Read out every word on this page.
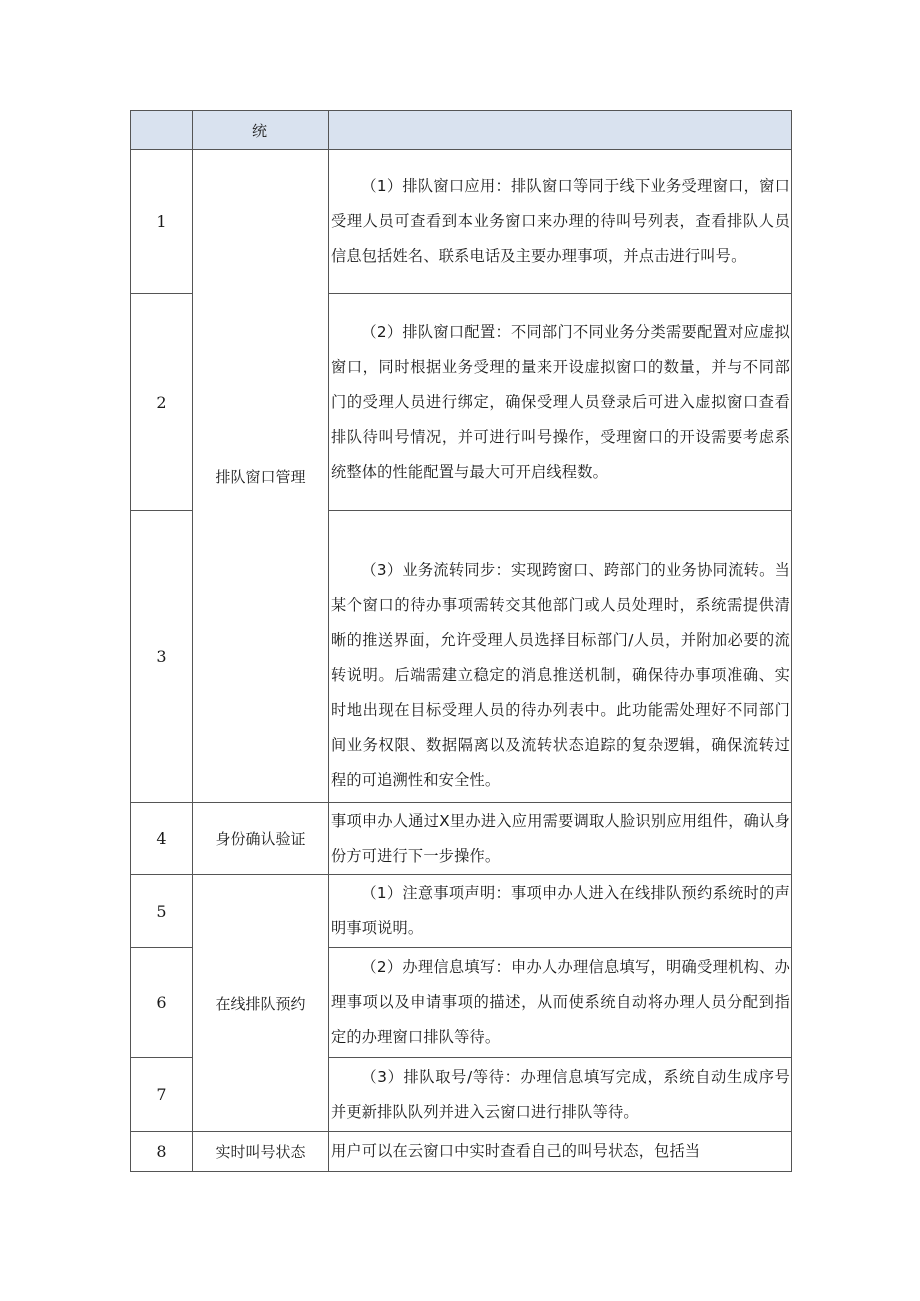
	统	

1	排队窗口管理	（1）排队窗口应用：排队窗口等同于线下业务受理窗口，窗口受理人员可查看到本业务窗口来办理的待叫号列表，查看排队人员信息包括姓名、联系电话及主要办理事项，并点击进行叫号。

2		（2）排队窗口配置：不同部门不同业务分类需要配置对应虚拟窗口，同时根据业务受理的量来开设虚拟窗口的数量，并与不同部门的受理人员进行绑定，确保受理人员登录后可进入虚拟窗口查看排队待叫号情况，并可进行叫号操作，受理窗口的开设需要考虑系统整体的性能配置与最大可开启线程数。

3		（3）业务流转同步：实现跨窗口、跨部门的业务协同流转。当某个窗口的待办事项需转交其他部门或人员处理时，系统需提供清晰的推送界面，允许受理人员选择目标部门/人员，并附加必要的流转说明。后端需建立稳定的消息推送机制，确保待办事项准确、实时地出现在目标受理人员的待办列表中。此功能需处理好不同部门间业务权限、数据隔离以及流转状态追踪的复杂逻辑，确保流转过程的可追溯性和安全性。

4	身份确认验证	事项申办人通过X里办进入应用需要调取人脸识别应用组件，确认身份方可进行下一步操作。

5	在线排队预约	（1）注意事项声明：事项申办人进入在线排队预约系统时的声明事项说明。

6		（2）办理信息填写：申办人办理信息填写，明确受理机构、办理事项以及申请事项的描述，从而使系统自动将办理人员分配到指定的办理窗口排队等待。

7		（3）排队取号/等待：办理信息填写完成，系统自动生成序号并更新排队队列并进入云窗口进行排队等待。

8	实时叫号状态	用户可以在云窗口中实时查看自己的叫号状态，包括当
